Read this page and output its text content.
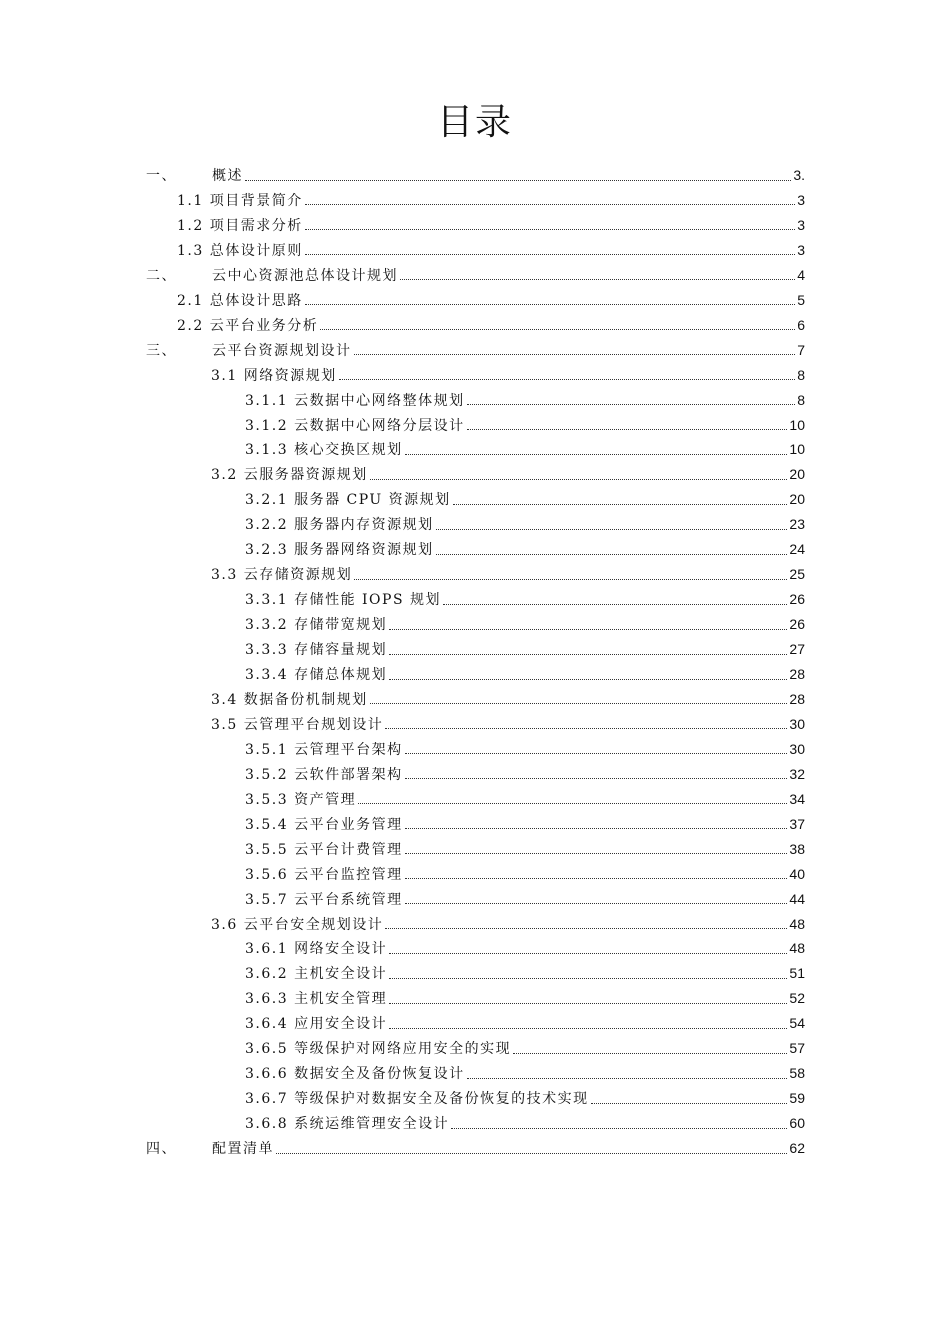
目录
一、	概述	3.
1.1 项目背景简介	3
1.2 项目需求分析	3
1.3 总体设计原则	3
二、	云中心资源池总体设计规划	4
2.1 总体设计思路	5
2.2 云平台业务分析	6
三、	云平台资源规划设计	7
3.1 网络资源规划	8
3.1.1 云数据中心网络整体规划	8
3.1.2 云数据中心网络分层设计	10
3.1.3 核心交换区规划	10
3.2 云服务器资源规划	20
3.2.1 服务器 CPU 资源规划	20
3.2.2 服务器内存资源规划	23
3.2.3 服务器网络资源规划	24
3.3 云存储资源规划	25
3.3.1 存储性能 IOPS 规划	26
3.3.2 存储带宽规划	26
3.3.3 存储容量规划	27
3.3.4 存储总体规划	28
3.4 数据备份机制规划	28
3.5 云管理平台规划设计	30
3.5.1 云管理平台架构	30
3.5.2 云软件部署架构	32
3.5.3 资产管理	34
3.5.4 云平台业务管理	37
3.5.5 云平台计费管理	38
3.5.6 云平台监控管理	40
3.5.7 云平台系统管理	44
3.6 云平台安全规划设计	48
3.6.1 网络安全设计	48
3.6.2 主机安全设计	51
3.6.3 主机安全管理	52
3.6.4 应用安全设计	54
3.6.5 等级保护对网络应用安全的实现	57
3.6.6 数据安全及备份恢复设计	58
3.6.7 等级保护对数据安全及备份恢复的技术实现	59
3.6.8 系统运维管理安全设计	60
四、	配置清单	62
